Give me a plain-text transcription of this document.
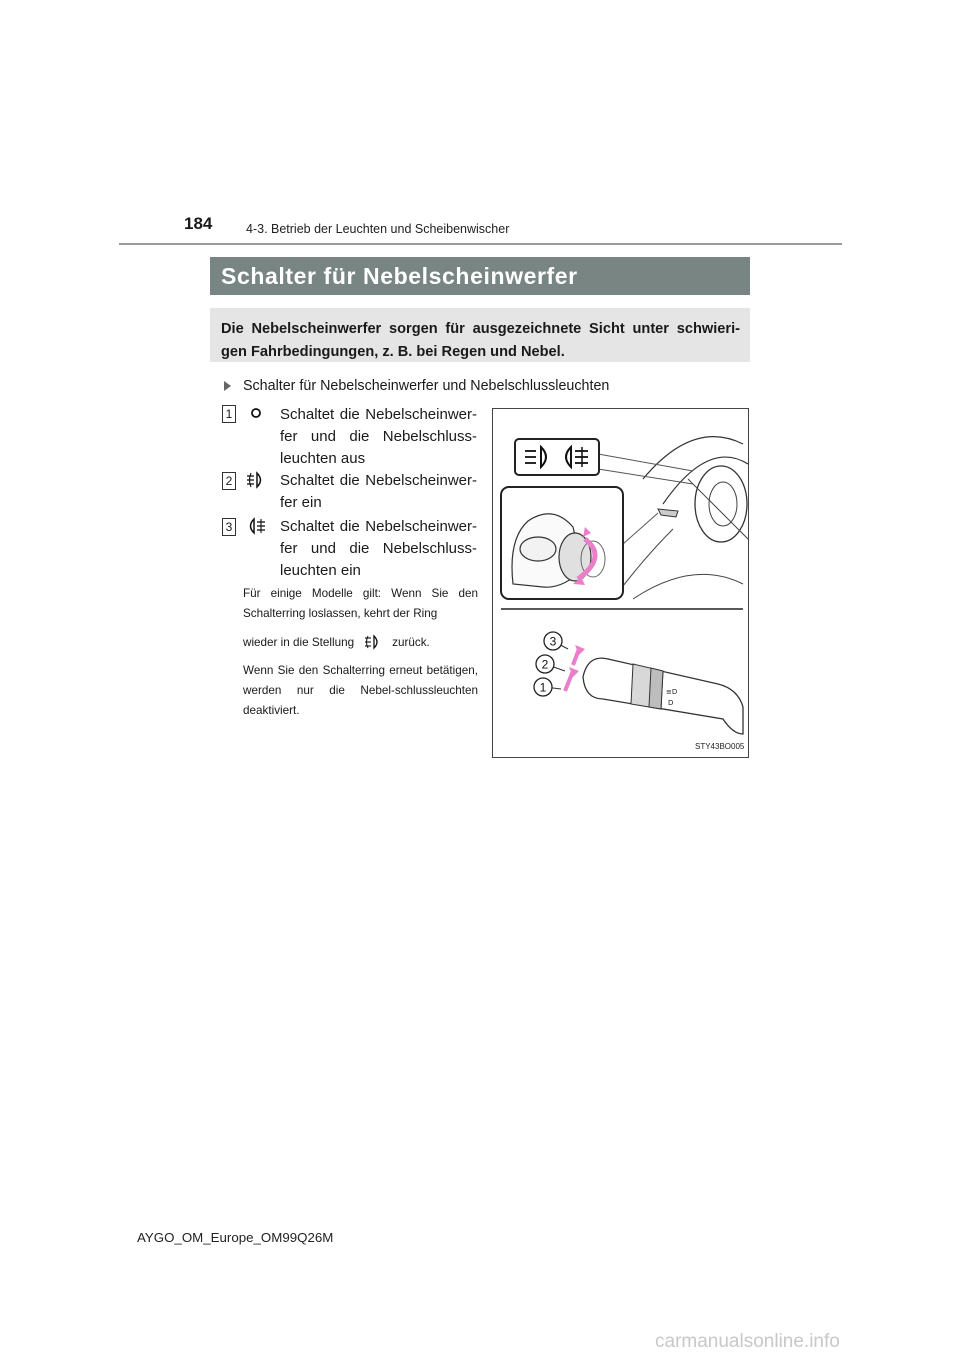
184	4-3. Betrieb der Leuchten und Scheibenwischer
Schalter für Nebelscheinwerfer
Die Nebelscheinwerfer sorgen für ausgezeichnete Sicht unter schwieri-gen Fahrbedingungen, z. B. bei Regen und Nebel.
Schalter für Nebelscheinwerfer und Nebelschlussleuchten
1	Schaltet die Nebelscheinwer-fer und die Nebelschluss-leuchten aus
2	Schaltet die Nebelscheinwer-fer ein
3	Schaltet die Nebelscheinwer-fer und die Nebelschluss-leuchten ein
Für einige Modelle gilt: Wenn Sie den Schalterring loslassen, kehrt der Ring
wieder in die Stellung	zurück.
Wenn Sie den Schalterring erneut betätigen, werden nur die Nebel-schlussleuchten deaktiviert.
≡D
D
3
2
1
STY43BO005
AYGO_OM_Europe_OM99Q26M
carmanualsonline.info
